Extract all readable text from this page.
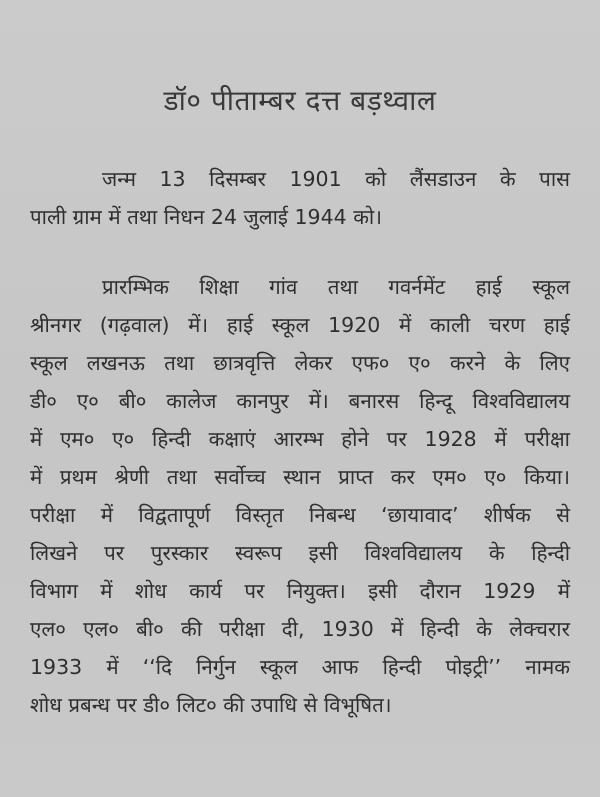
डॉ० पीताम्बर दत्त बड़थ्वाल
जन्म 13 दिसम्बर 1901 को लैंसडाउन के पास
पाली ग्राम में तथा निधन 24 जुलाई 1944 को।
प्रारम्भिक शिक्षा गांव तथा गवर्नमेंट हाई स्कूल
श्रीनगर (गढ़वाल) में। हाई स्कूल 1920 में काली चरण हाई
स्कूल लखनऊ तथा छात्रवृत्ति लेकर एफ० ए० करने के लिए
डी० ए० बी० कालेज कानपुर में। बनारस हिन्दू विश्वविद्यालय
में एम० ए० हिन्दी कक्षाएं आरम्भ होने पर 1928 में परीक्षा
में प्रथम श्रेणी तथा सर्वोच्च स्थान प्राप्त कर एम० ए० किया।
परीक्षा में विद्वतापूर्ण विस्तृत निबन्ध ‘छायावाद’ शीर्षक से
लिखने पर पुरस्कार स्वरूप इसी विश्वविद्यालय के हिन्दी
विभाग में शोध कार्य पर नियुक्त। इसी दौरान 1929 में
एल० एल० बी० की परीक्षा दी, 1930 में हिन्दी के लेक्चरार
1933 में ‘‘दि निर्गुन स्कूल आफ हिन्दी पोइट्री’’ नामक
शोध प्रबन्ध पर डी० लिट० की उपाधि से विभूषित।
